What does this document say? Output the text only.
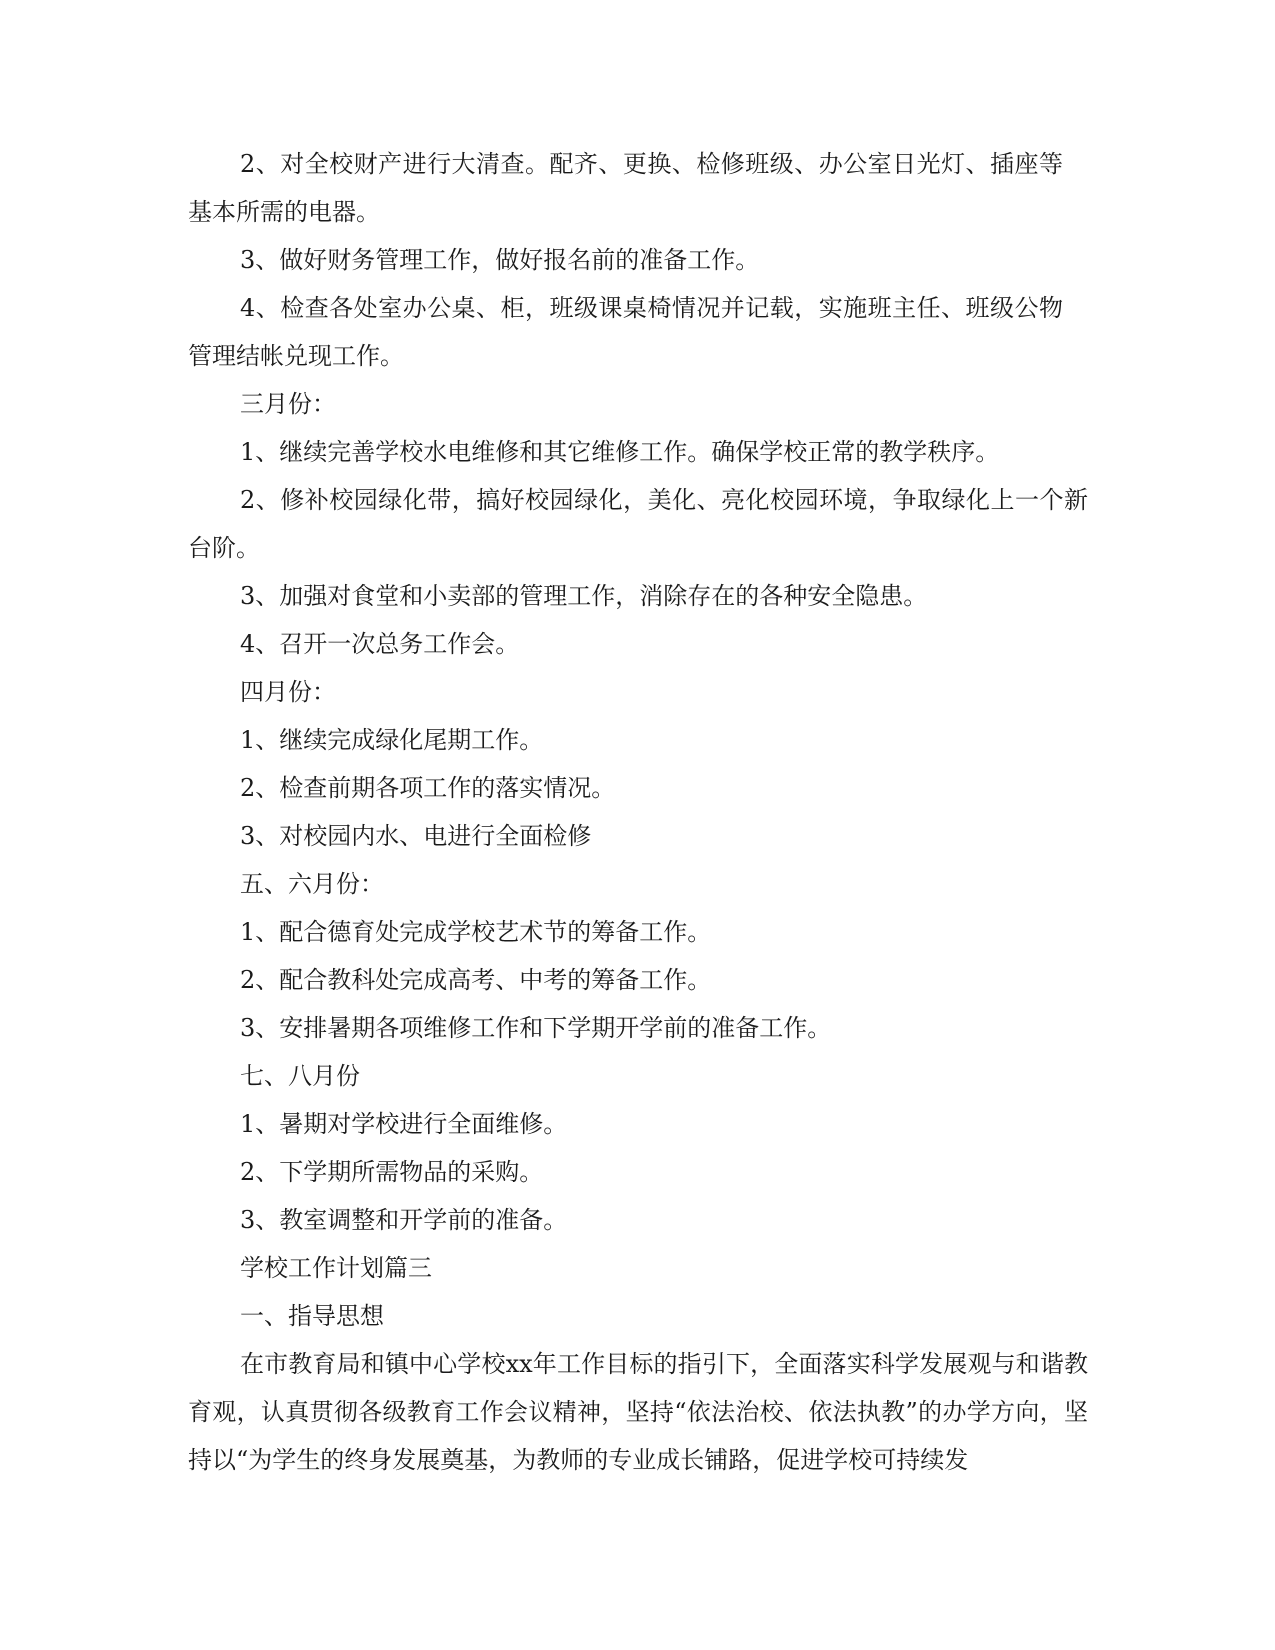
2、对全校财产进行大清查。配齐、更换、检修班级、办公室日光灯、插座等基本所需的电器。

3、做好财务管理工作，做好报名前的准备工作。

4、检查各处室办公桌、柜，班级课桌椅情况并记载，实施班主任、班级公物管理结帐兑现工作。

三月份：

1、继续完善学校水电维修和其它维修工作。确保学校正常的教学秩序。

2、修补校园绿化带，搞好校园绿化，美化、亮化校园环境，争取绿化上一个新台阶。

3、加强对食堂和小卖部的管理工作，消除存在的各种安全隐患。

4、召开一次总务工作会。

四月份：

1、继续完成绿化尾期工作。

2、检查前期各项工作的落实情况。

3、对校园内水、电进行全面检修

五、六月份：

1、配合德育处完成学校艺术节的筹备工作。

2、配合教科处完成高考、中考的筹备工作。

3、安排暑期各项维修工作和下学期开学前的准备工作。

七、八月份

1、暑期对学校进行全面维修。

2、下学期所需物品的采购。

3、教室调整和开学前的准备。

学校工作计划篇三

一、指导思想

在市教育局和镇中心学校xx年工作目标的指引下，全面落实科学发展观与和谐教育观，认真贯彻各级教育工作会议精神，坚持“依法治校、依法执教”的办学方向，坚持以“为学生的终身发展奠基，为教师的专业成长铺路，促进学校可持续发
